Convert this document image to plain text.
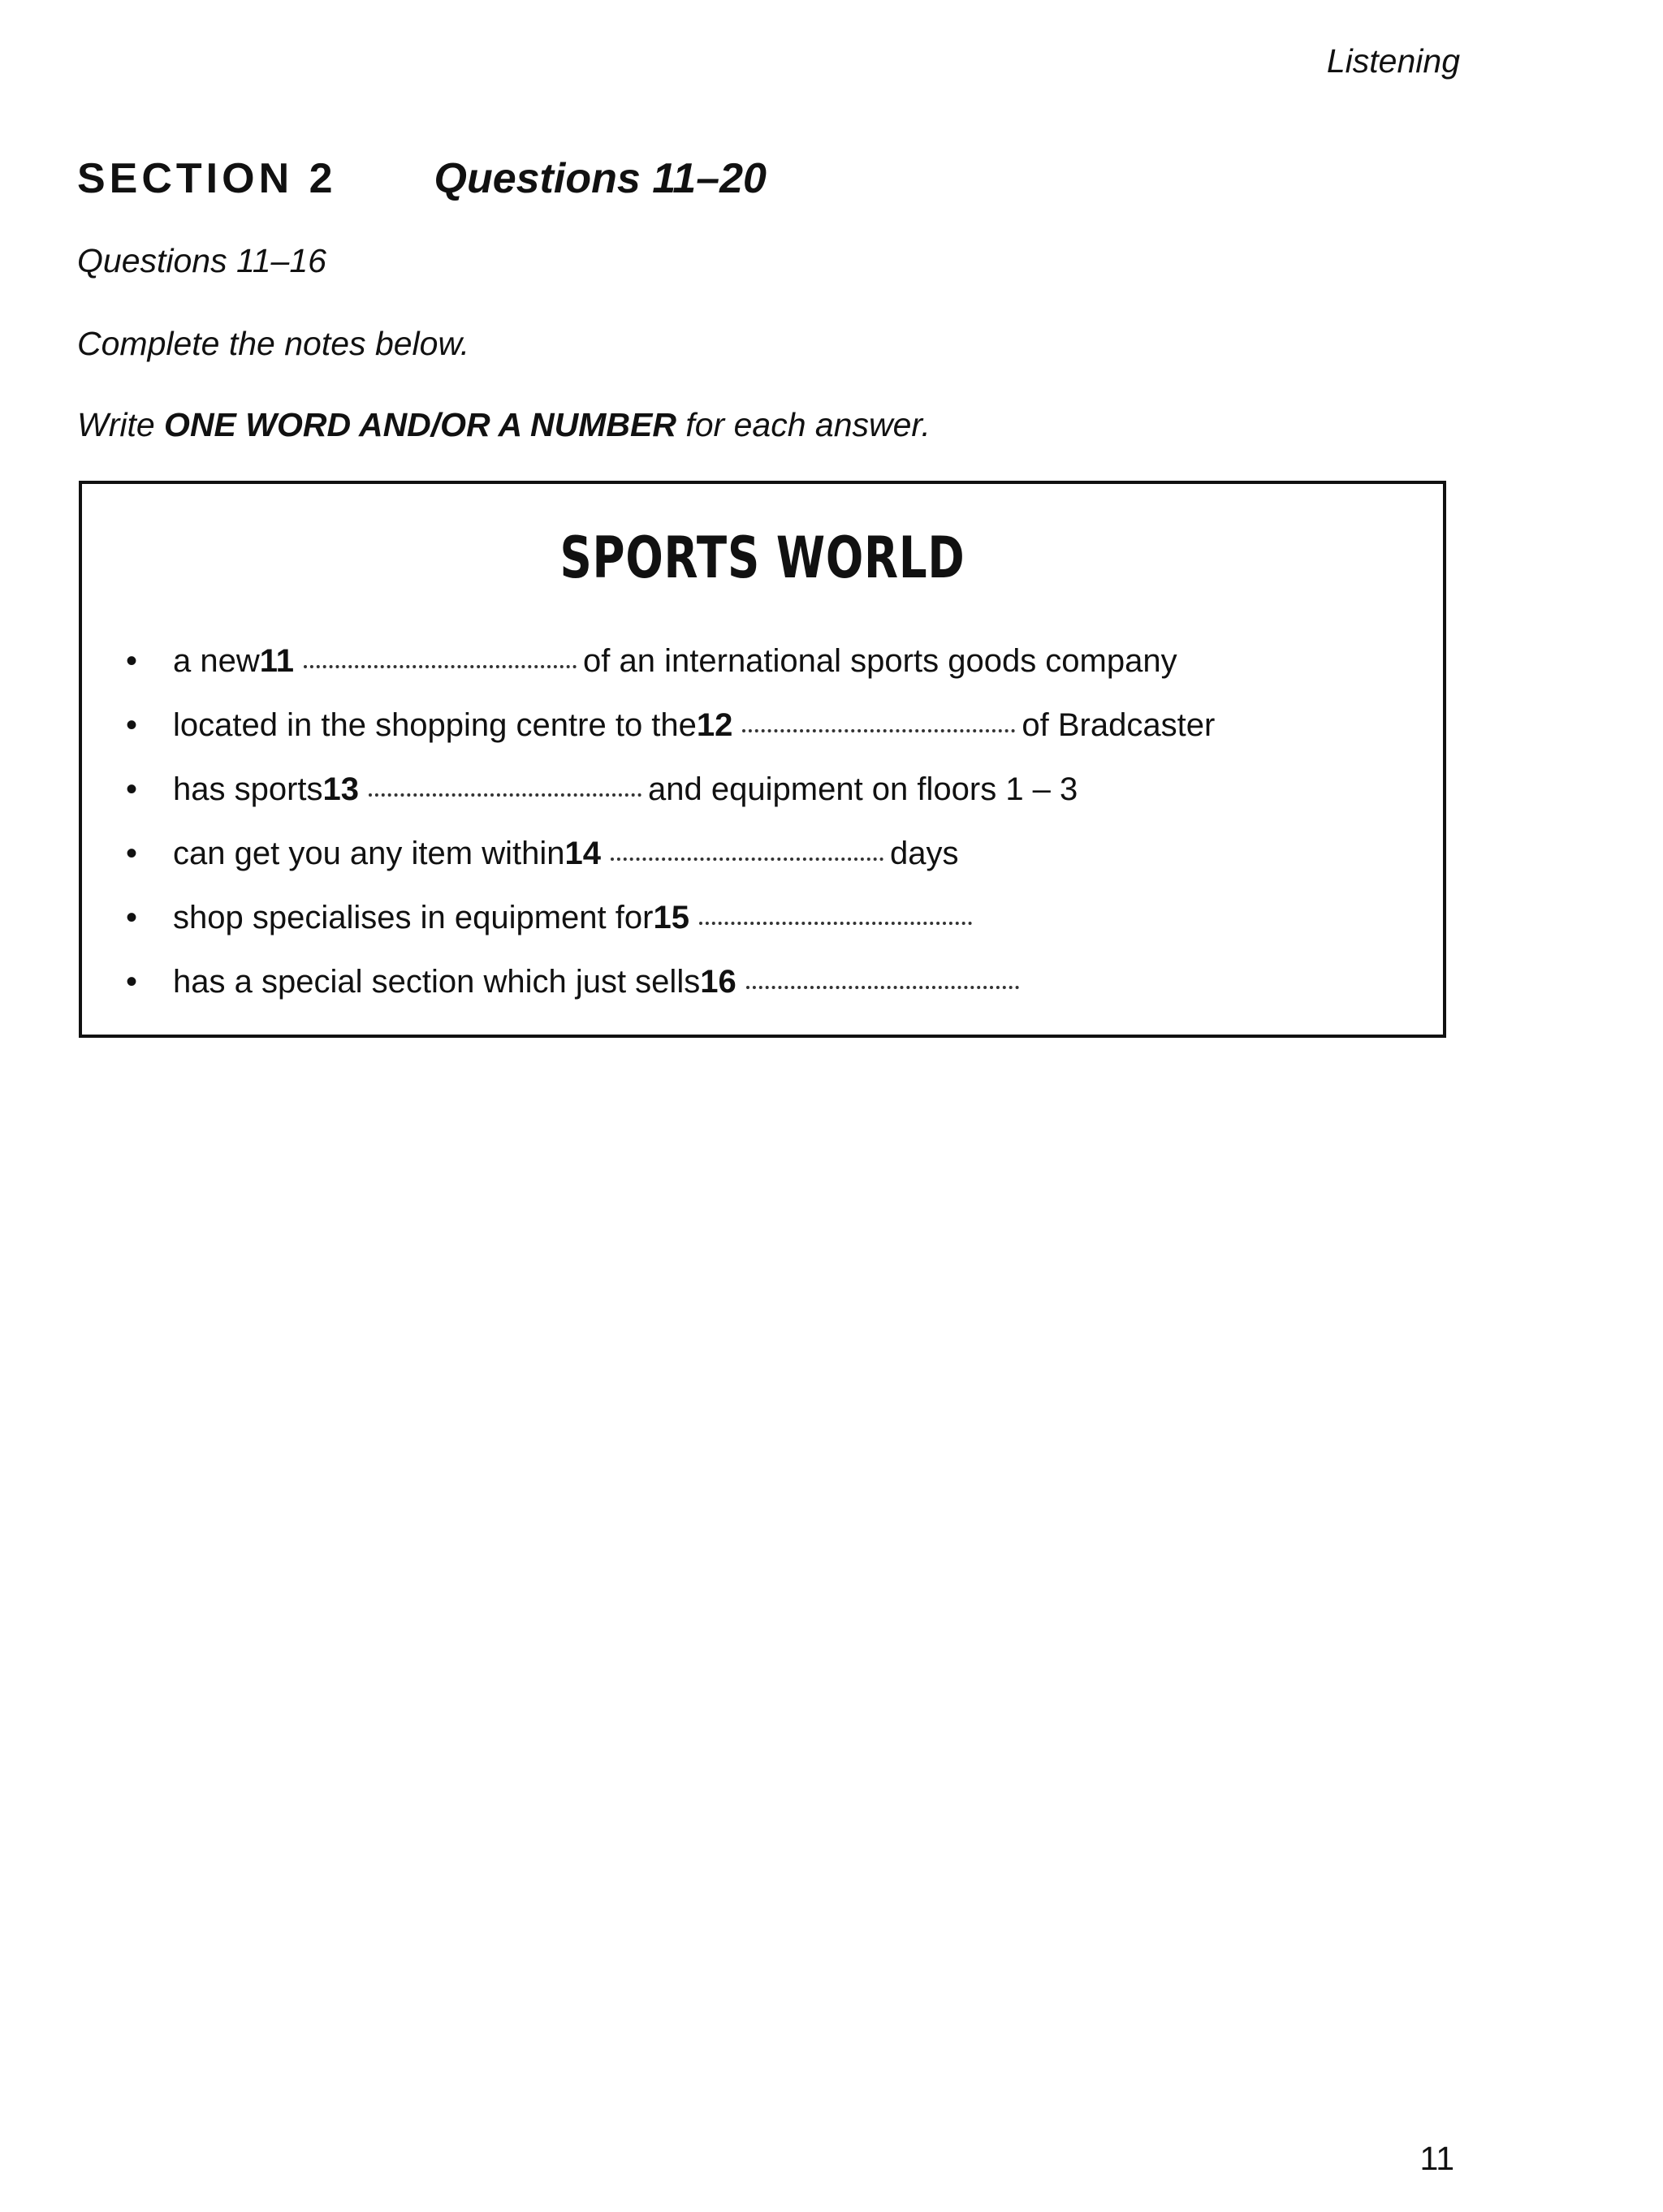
Listening
SECTION 2 Questions 11–20
Questions 11–16
Complete the notes below.
Write ONE WORD AND/OR A NUMBER for each answer.
SPORTS WORLD
•	a new 11	of an international sports goods company
•	located in the shopping centre to the 12	of Bradcaster
•	has sports 13	and equipment on floors 1 – 3
•	can get you any item within 14	days
•	shop specialises in equipment for 15
•	has a special section which just sells 16
11
